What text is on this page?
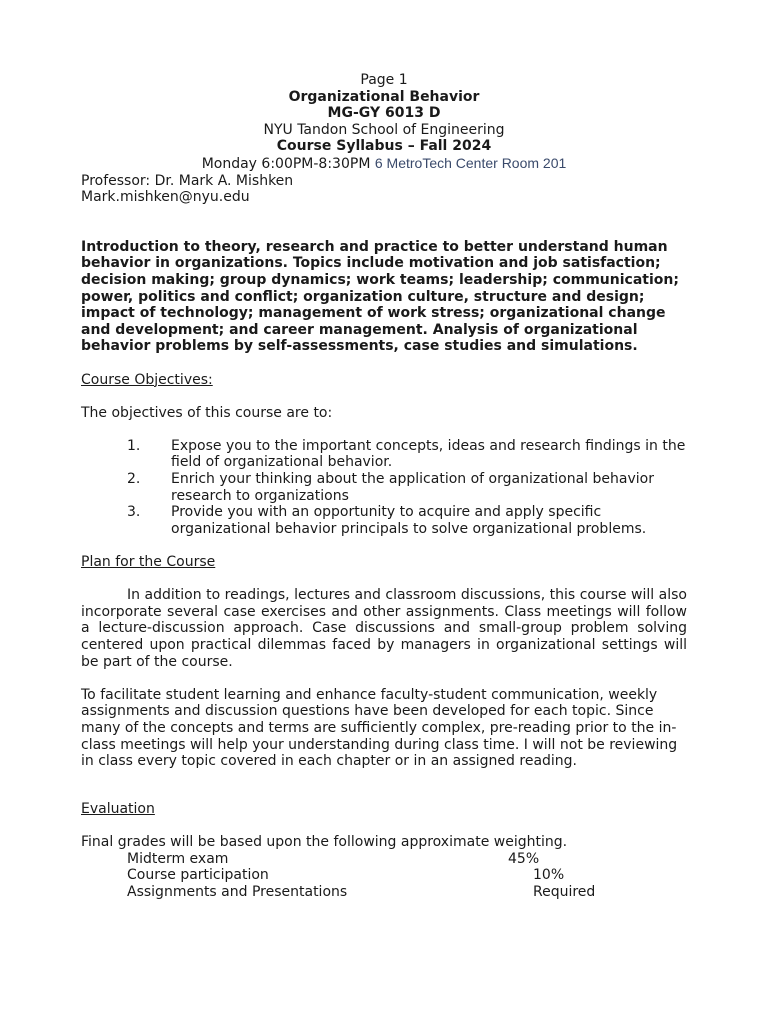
Page 1
Organizational Behavior
MG-GY 6013 D
NYU Tandon School of Engineering
Course Syllabus – Fall 2024
Monday 6:00PM-8:30PM 6 MetroTech Center Room 201
Professor: Dr. Mark A. Mishken
Mark.mishken@nyu.edu

Introduction to theory, research and practice to better understand human behavior in organizations. Topics include motivation and job satisfaction; decision making; group dynamics; work teams; leadership; communication; power, politics and conflict; organization culture, structure and design; impact of technology; management of work stress; organizational change and development; and career management. Analysis of organizational behavior problems by self-assessments, case studies and simulations.

Course Objectives:
The objectives of this course are to:
1. Expose you to the important concepts, ideas and research findings in the field of organizational behavior.
2. Enrich your thinking about the application of organizational behavior research to organizations
3. Provide you with an opportunity to acquire and apply specific organizational behavior principals to solve organizational problems.
Plan for the Course

In addition to readings, lectures and classroom discussions, this course will also incorporate several case exercises and other assignments. Class meetings will follow a lecture-discussion approach. Case discussions and small-group problem solving centered upon practical dilemmas faced by managers in organizational settings will be part of the course.

To facilitate student learning and enhance faculty-student communication, weekly assignments and discussion questions have been developed for each topic. Since many of the concepts and terms are sufficiently complex, pre-reading prior to the in-class meetings will help your understanding during class time. I will not be reviewing in class every topic covered in each chapter or in an assigned reading.

Evaluation
Final grades will be based upon the following approximate weighting.
Midterm exam	45%
Course participation	10%
Assignments and Presentations	Required
